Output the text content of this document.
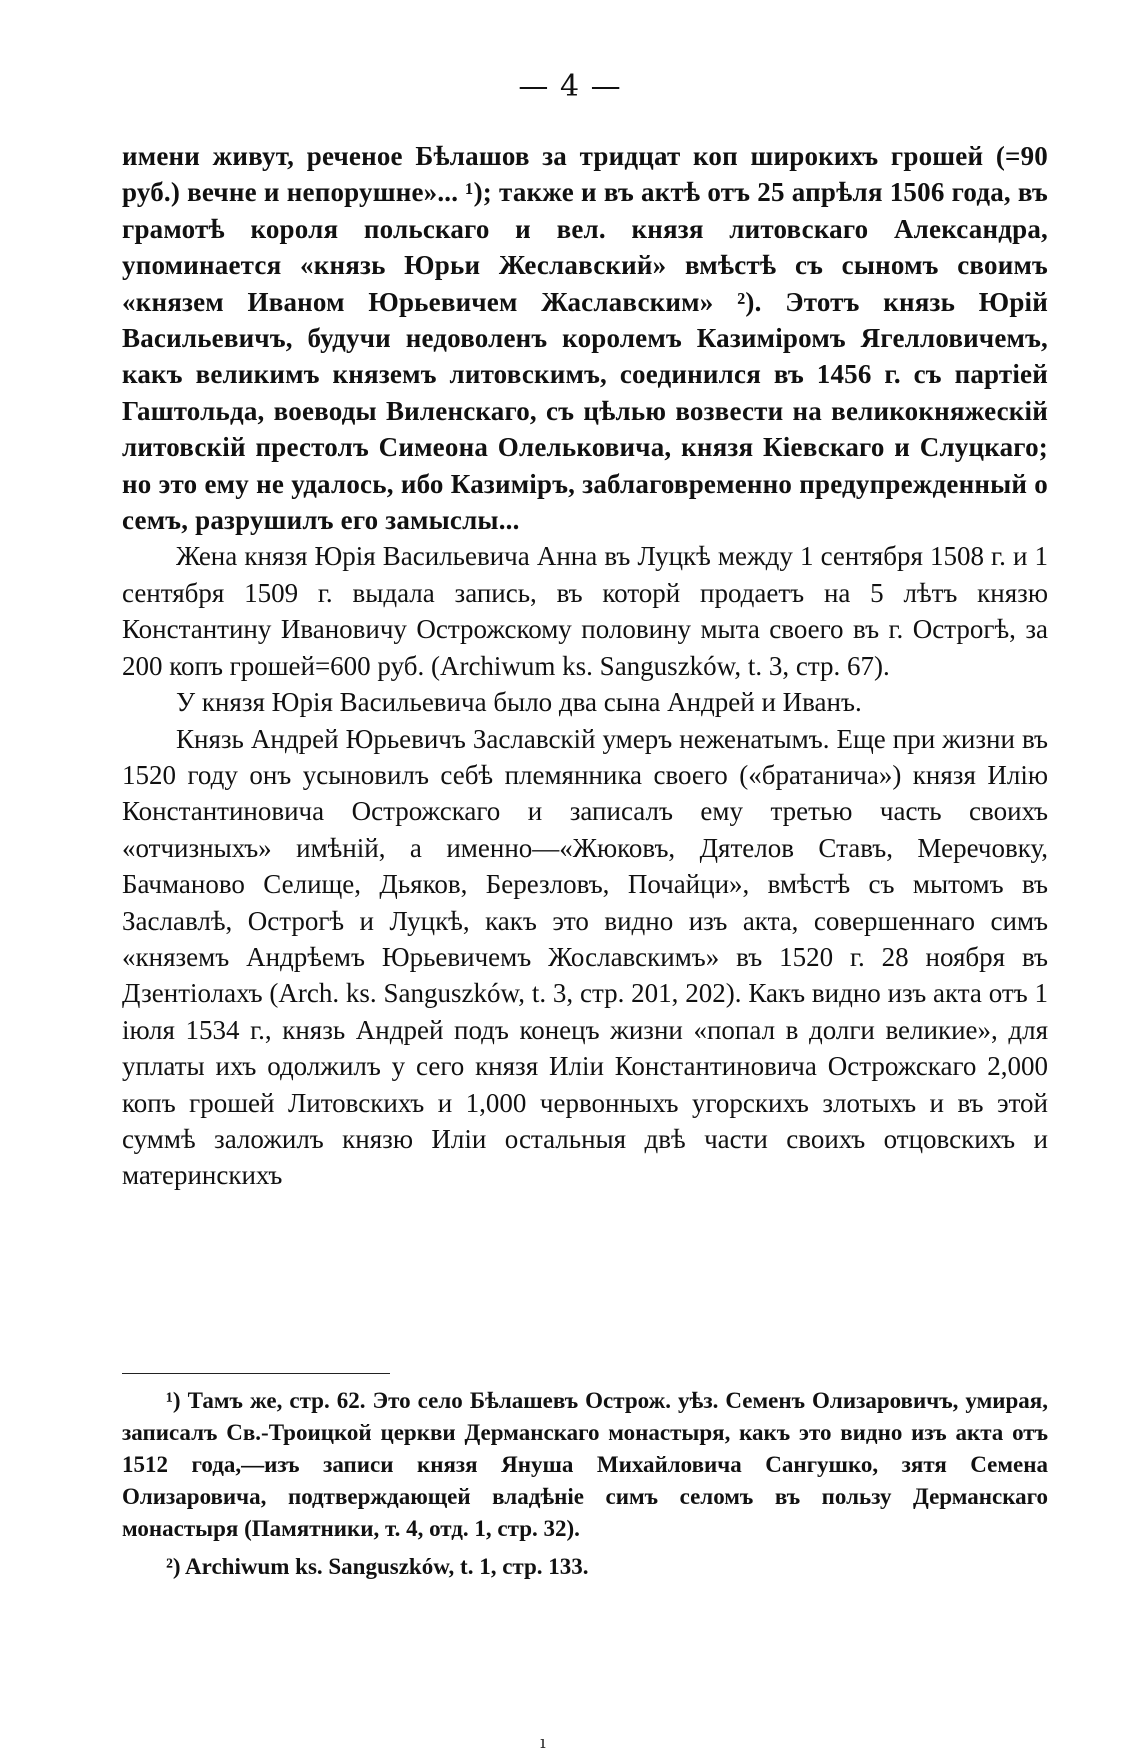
— 4 —

имени живут, реченое Бѣлашов за тридцат коп широкихъ грошей (=90 руб.) вечне и непорушне»... ¹); также и въ актѣ отъ 25 апрѣля 1506 года, въ грамотѣ короля польскаго и вел. князя литовскаго Александра, упоминается «князь Юрьи Жеславский» вмѣстѣ съ сыномъ своимъ «князем Иваном Юрьевичем Жаславским» ²). Этотъ князь Юрій Васильевичъ, будучи недоволенъ королемъ Казиміромъ Ягелловичемъ, какъ великимъ княземъ литовскимъ, соединился въ 1456 г. съ партіей Гаштольда, воеводы Виленскаго, съ цѣлью возвести на великокняжескій литовскій престолъ Симеона Олельковича, князя Кіевскаго и Слуцкаго; но это ему не удалось, ибо Казиміръ, заблаговременно предупрежденный о семъ, разрушилъ его замыслы...

Жена князя Юрія Васильевича Анна въ Луцкѣ между 1 сентября 1508 г. и 1 сентября 1509 г. выдала запись, въ которй продаетъ на 5 лѣтъ князю Константину Ивановичу Острожскому половину мыта своего въ г. Острогѣ, за 200 копъ грошей=600 руб. (Archiwum ks. Sanguszków, t. 3, стр. 67).

У князя Юрія Васильевича было два сына Андрей и Иванъ.

Князь Андрей Юрьевичъ Заславскій умеръ неженатымъ. Еще при жизни въ 1520 году онъ усыновилъ себѣ племянника своего («братанича») князя Илію Константиновича Острожскаго и записалъ ему третью часть своихъ «отчизныхъ» имѣній, а именно—«Жюковъ, Дятелов Ставъ, Меречовку, Бачманово Селище, Дьяков, Березловъ, Почайци», вмѣстѣ съ мытомъ въ Заславлѣ, Острогѣ и Луцкѣ, какъ это видно изъ акта, совершеннаго симъ «княземъ Андрѣемъ Юрьевичемъ Жославскимъ» въ 1520 г. 28 ноября въ Дзентіолахъ (Arch. ks. Sanguszków, t. 3, стр. 201, 202). Какъ видно изъ акта отъ 1 іюля 1534 г., князь Андрей подъ конецъ жизни «попал в долги великие», для уплаты ихъ одолжилъ у сего князя Иліи Константиновича Острожскаго 2,000 копъ грошей Литовскихъ и 1,000 червонныхъ угорскихъ злотыхъ и въ этой суммѣ заложилъ князю Иліи остальныя двѣ части своихъ отцовскихъ и материнскихъ

¹) Тамъ же, стр. 62. Это село Бѣлашевъ Острож. уѣз. Семенъ Олизаровичъ, умирая, записалъ Св.-Троицкой церкви Дерманскаго монастыря, какъ это видно изъ акта отъ 1512 года,—изъ записи князя Януша Михайловича Сангушко, зятя Семена Олизаровича, подтверждающей владѣніе симъ селомъ въ пользу Дерманскаго монастыря (Памятники, т. 4, отд. 1, стр. 32).

²) Archiwum ks. Sanguszków, t. 1, стр. 133.

ı
